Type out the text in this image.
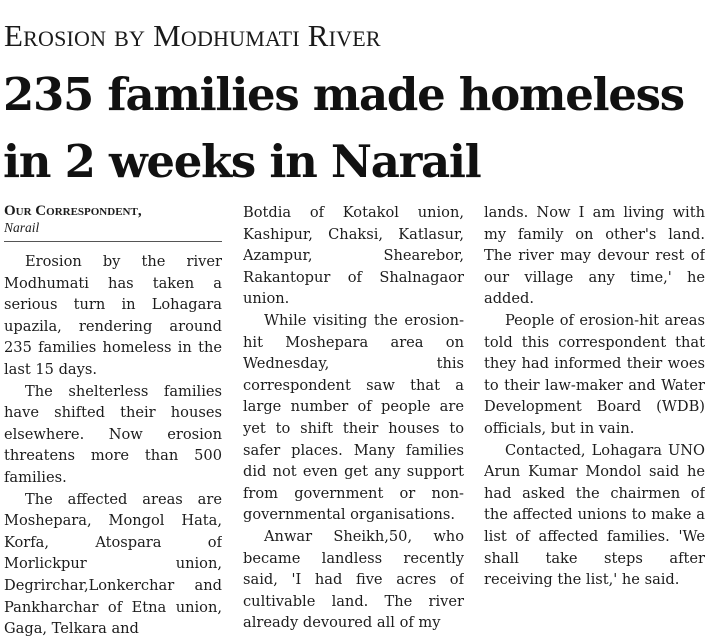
Erosion by Modhumati River
235 families made homeless in 2 weeks in Narail
Our Correspondent,
Narail

Erosion by the river Modhumati has taken a serious turn in Lohagara upazila, rendering around 235 families homeless in the last 15 days.

The shelterless families have shifted their houses elsewhere. Now erosion threatens more than 500 families.

The affected areas are Moshepara, Mongol Hata, Korfa, Atospara of Morlickpur union, Degrirchar,Lonkerchar and Pankharchar of Etna union, Gaga, Telkara and

Botdia of Kotakol union, Kashipur, Chaksi, Katlasur, Azampur, Shearebor, Rakantopur of Shalnagaor union.

While visiting the erosion-hit Moshepara area on Wednesday, this correspondent saw that a large number of people are yet to shift their houses to safer places. Many families did not even get any support from government or non-governmental organisations.

Anwar Sheikh,50, who became landless recently said, 'I had five acres of cultivable land. The river already devoured all of my

lands. Now I am living with my family on other's land. The river may devour rest of our village any time,' he added.

People of erosion-hit areas told this correspondent that they had informed their woes to their law-maker and Water Development Board (WDB) officials, but in vain.

Contacted, Lohagara UNO Arun Kumar Mondol said he had asked the chairmen of the affected unions to make a list of affected families. 'We shall take steps after receiving the list,' he said.
